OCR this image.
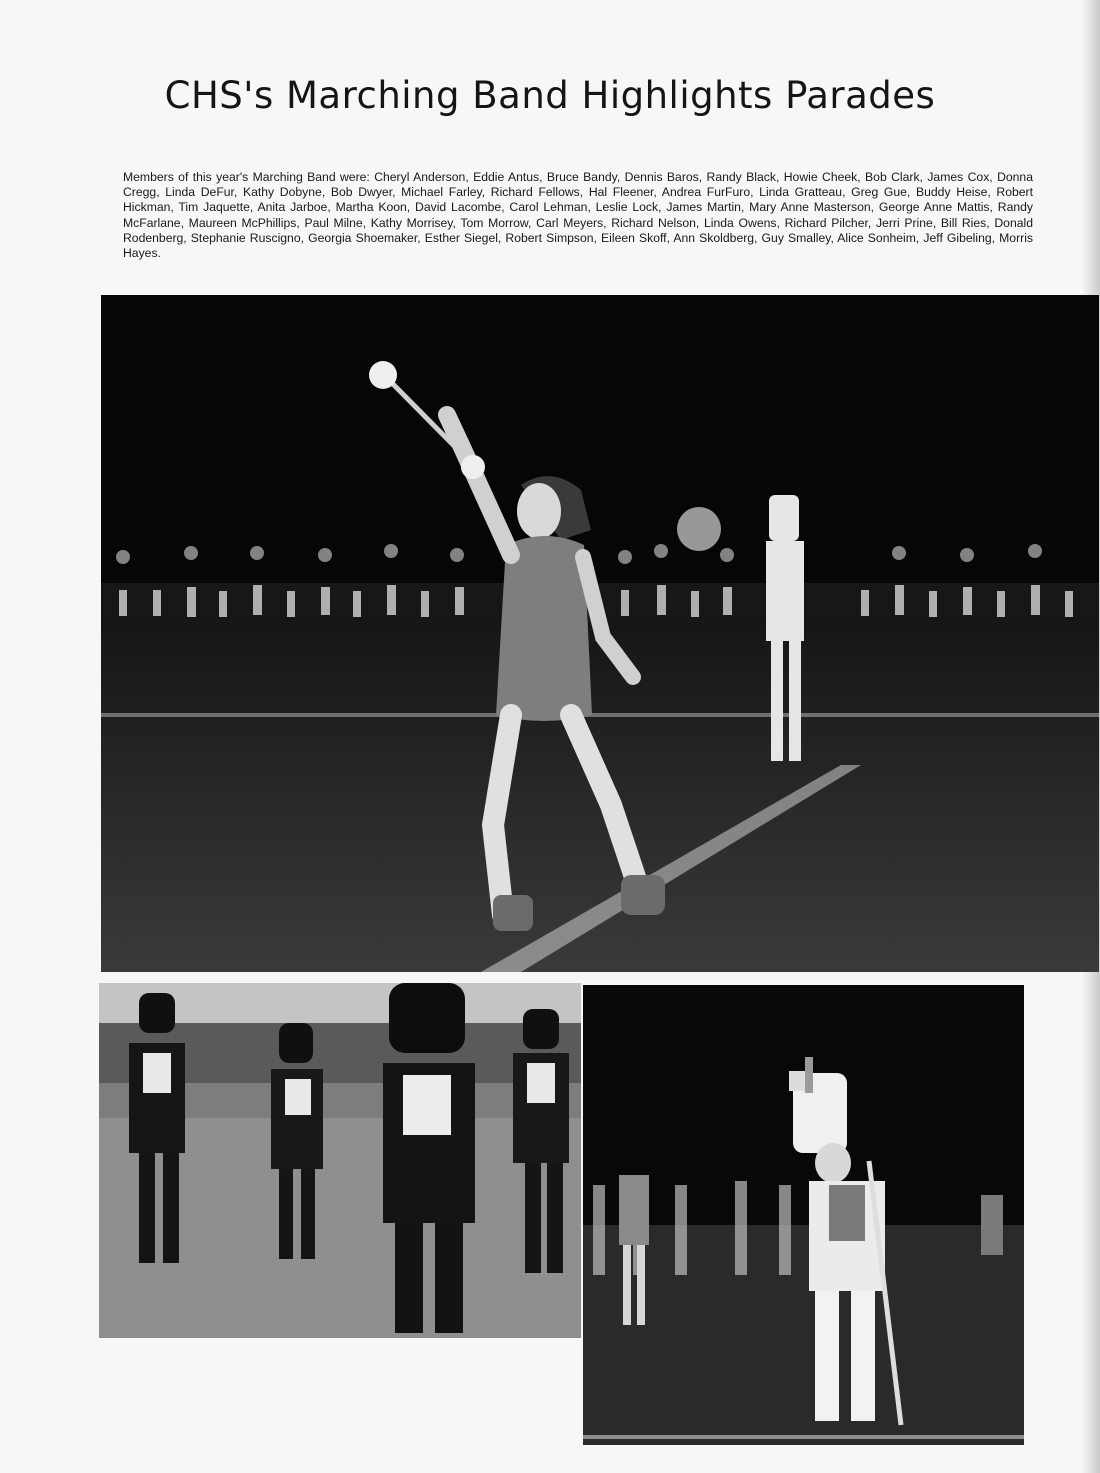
CHS's Marching Band Highlights Parades

Members of this year's Marching Band were: Cheryl Anderson, Eddie Antus, Bruce Bandy, Dennis Baros, Randy Black, Howie Cheek, Bob Clark, James Cox, Donna Cregg, Linda DeFur, Kathy Dobyne, Bob Dwyer, Michael Farley, Richard Fellows, Hal Fleener, Andrea FurFuro, Linda Gratteau, Greg Gue, Buddy Heise, Robert Hickman, Tim Jaquette, Anita Jarboe, Martha Koon, David Lacombe, Carol Lehman, Leslie Lock, James Martin, Mary Anne Masterson, George Anne Mattis, Randy McFarlane, Maureen McPhillips, Paul Milne, Kathy Morrisey, Tom Morrow, Carl Meyers, Richard Nelson, Linda Owens, Richard Pilcher, Jerri Prine, Bill Ries, Donald Rodenberg, Stephanie Ruscigno, Georgia Shoemaker, Esther Siegel, Robert Simpson, Eileen Skoff, Ann Skoldberg, Guy Smalley, Alice Sonheim, Jeff Gibeling, Morris Hayes.
